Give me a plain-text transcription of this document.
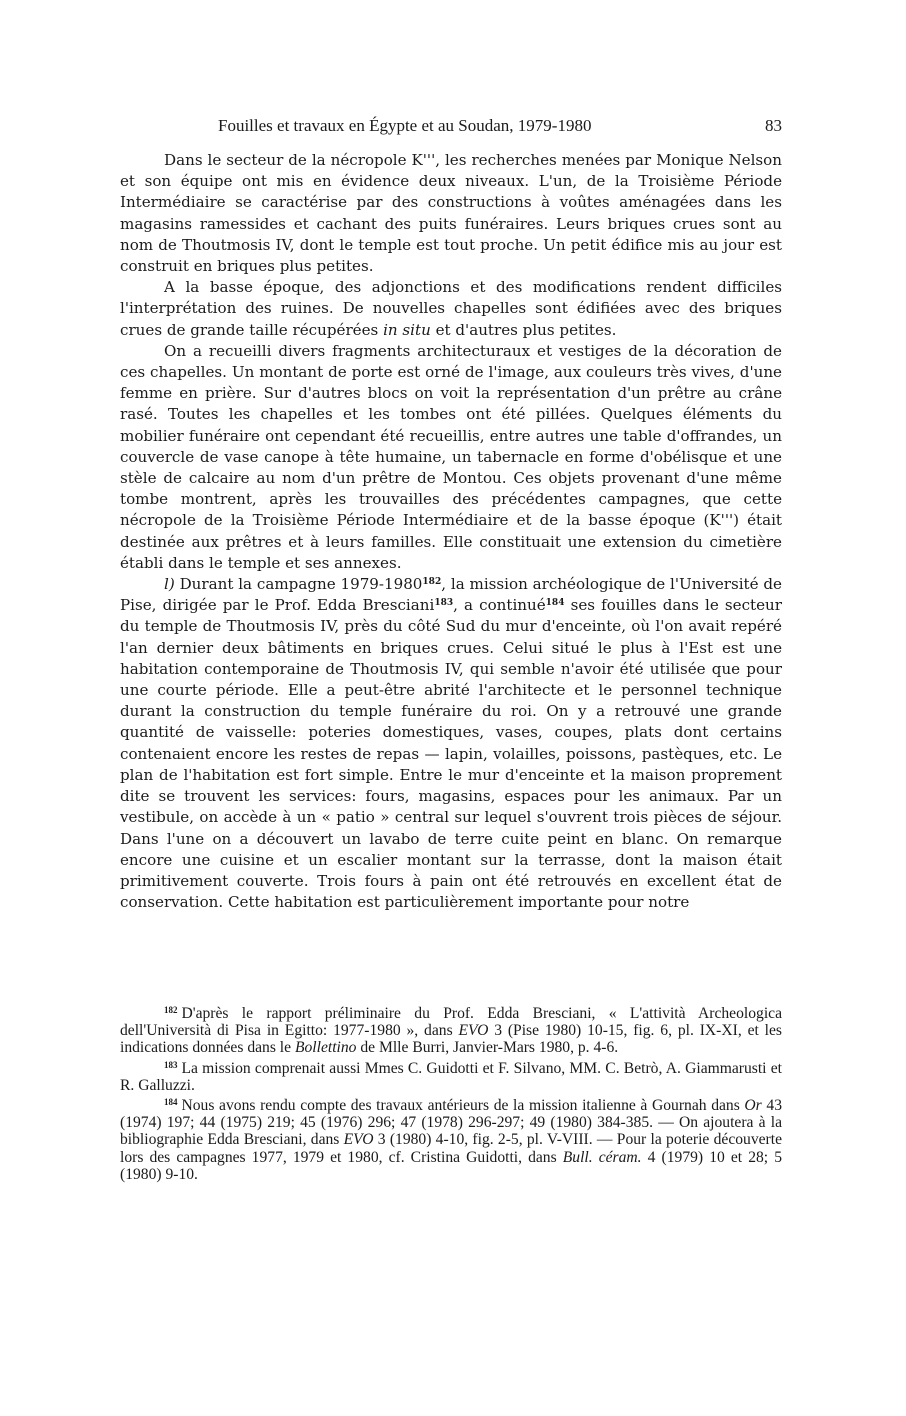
Fouilles et travaux en Égypte et au Soudan, 1979-1980	83

Dans le secteur de la nécropole K''', les recherches menées par Monique Nelson et son équipe ont mis en évidence deux niveaux. L'un, de la Troisième Période Intermédiaire se caractérise par des constructions à voûtes aménagées dans les magasins ramessides et cachant des puits funéraires. Leurs briques crues sont au nom de Thoutmosis IV, dont le temple est tout proche. Un petit édifice mis au jour est construit en briques plus petites.

A la basse époque, des adjonctions et des modifications rendent difficiles l'interprétation des ruines. De nouvelles chapelles sont édifiées avec des briques crues de grande taille récupérées in situ et d'autres plus petites.

On a recueilli divers fragments architecturaux et vestiges de la décoration de ces chapelles. Un montant de porte est orné de l'image, aux couleurs très vives, d'une femme en prière. Sur d'autres blocs on voit la représentation d'un prêtre au crâne rasé. Toutes les chapelles et les tombes ont été pillées. Quelques éléments du mobilier funéraire ont cependant été recueillis, entre autres une table d'offrandes, un couvercle de vase canope à tête humaine, un tabernacle en forme d'obélisque et une stèle de calcaire au nom d'un prêtre de Montou. Ces objets provenant d'une même tombe montrent, après les trouvailles des précédentes campagnes, que cette nécropole de la Troisième Période Intermédiaire et de la basse époque (K''') était destinée aux prêtres et à leurs familles. Elle constituait une extension du cimetière établi dans le temple et ses annexes.

l) Durant la campagne 1979-1980$^{182}$, la mission archéologique de l'Université de Pise, dirigée par le Prof. Edda Bresciani$^{183}$, a continué$^{184}$ ses fouilles dans le secteur du temple de Thoutmosis IV, près du côté Sud du mur d'enceinte, où l'on avait repéré l'an dernier deux bâtiments en briques crues. Celui situé le plus à l'Est est une habitation contemporaine de Thoutmosis IV, qui semble n'avoir été utilisée que pour une courte période. Elle a peut-être abrité l'architecte et le personnel technique durant la construction du temple funéraire du roi. On y a retrouvé une grande quantité de vaisselle: poteries domestiques, vases, coupes, plats dont certains contenaient encore les restes de repas — lapin, volailles, poissons, pastèques, etc. Le plan de l'habitation est fort simple. Entre le mur d'enceinte et la maison proprement dite se trouvent les services: fours, magasins, espaces pour les animaux. Par un vestibule, on accède à un « patio » central sur lequel s'ouvrent trois pièces de séjour. Dans l'une on a découvert un lavabo de terre cuite peint en blanc. On remarque encore une cuisine et un escalier montant sur la terrasse, dont la maison était primitivement couverte. Trois fours à pain ont été retrouvés en excellent état de conservation. Cette habitation est particulièrement importante pour notre

$^{182}$ D'après le rapport préliminaire du Prof. Edda Bresciani, « L'attività Archeologica dell'Università di Pisa in Egitto: 1977-1980 », dans EVO 3 (Pise 1980) 10-15, fig. 6, pl. IX-XI, et les indications données dans le Bollettino de Mlle Burri, Janvier-Mars 1980, p. 4-6.

$^{183}$ La mission comprenait aussi Mmes C. Guidotti et F. Silvano, MM. C. Betrò, A. Giammarusti et R. Galluzzi.

$^{184}$ Nous avons rendu compte des travaux antérieurs de la mission italienne à Gournah dans Or 43 (1974) 197; 44 (1975) 219; 45 (1976) 296; 47 (1978) 296-297; 49 (1980) 384-385. — On ajoutera à la bibliographie Edda Bresciani, dans EVO 3 (1980) 4-10, fig. 2-5, pl. V-VIII. — Pour la poterie découverte lors des campagnes 1977, 1979 et 1980, cf. Cristina Guidotti, dans Bull. céram. 4 (1979) 10 et 28; 5 (1980) 9-10.
